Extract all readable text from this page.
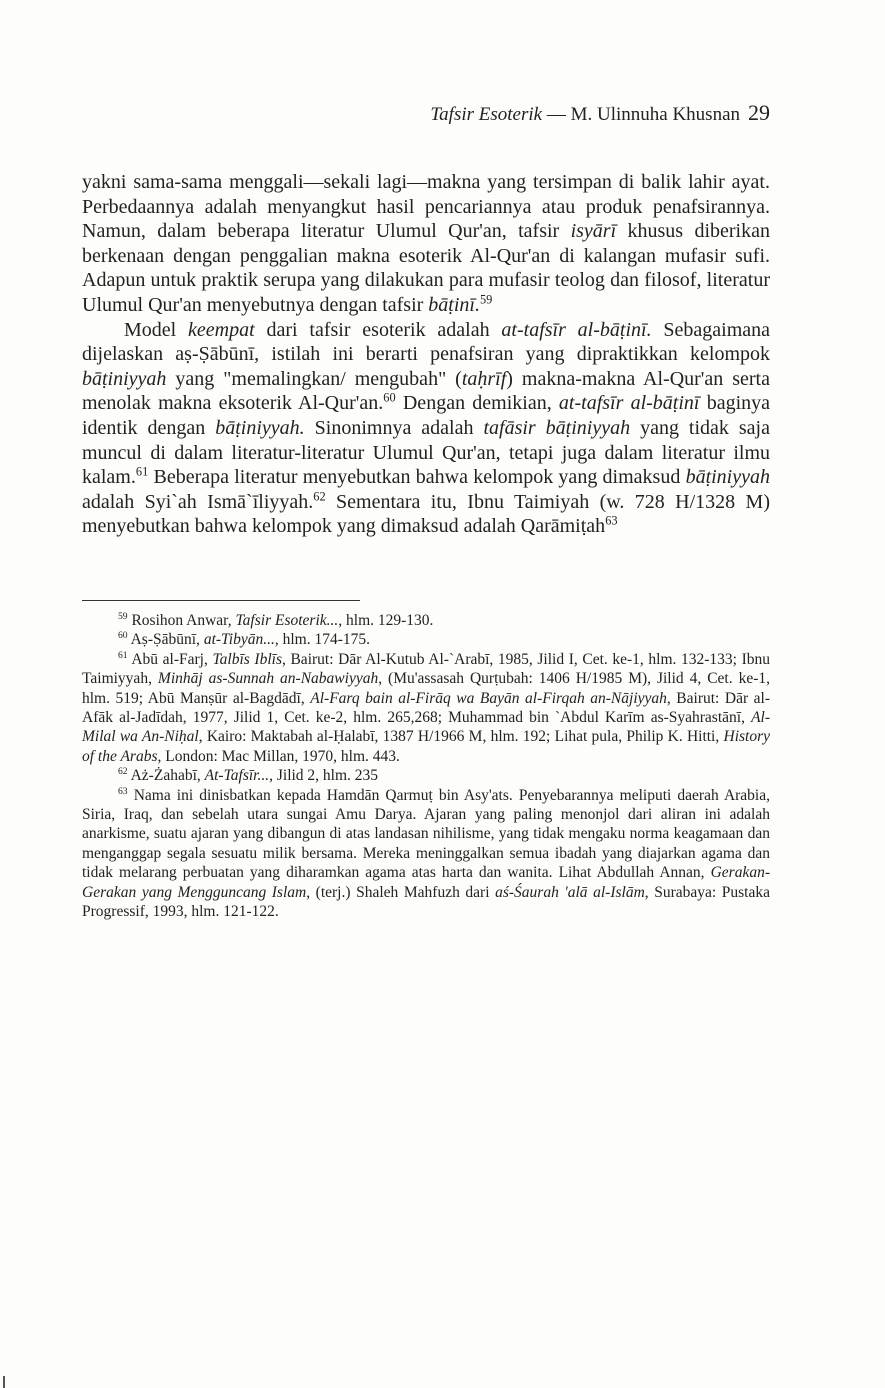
Tafsir Esoterik — M. Ulinnuha Khusnan 29

yakni sama-sama menggali—sekali lagi—makna yang tersimpan di balik lahir ayat. Perbedaannya adalah menyangkut hasil pencariannya atau produk penafsirannya. Namun, dalam beberapa literatur Ulumul Qur'an, tafsir isyārī khusus diberikan berkenaan dengan penggalian makna esoterik Al-Qur'an di kalangan mufasir sufi. Adapun untuk praktik serupa yang dilakukan para mufasir teolog dan filosof, literatur Ulumul Qur'an menyebutnya dengan tafsir bāṭinī.$^{59}$

Model keempat dari tafsir esoterik adalah at-tafsīr al-bāṭinī. Sebagaimana dijelaskan aṣ-Ṣābūnī, istilah ini berarti penafsiran yang dipraktikkan kelompok bāṭiniyyah yang "memalingkan/ mengubah" (taḥrīf) makna-makna Al-Qur'an serta menolak makna eksoterik Al-Qur'an.$^{60}$ Dengan demikian, at-tafsīr al-bāṭinī baginya identik dengan bāṭiniyyah. Sinonimnya adalah tafāsir bāṭiniyyah yang tidak saja muncul di dalam literatur-literatur Ulumul Qur'an, tetapi juga dalam literatur ilmu kalam.$^{61}$ Beberapa literatur menyebutkan bahwa kelompok yang dimaksud bāṭiniyyah adalah Syi`ah Ismā`īliyyah.$^{62}$ Sementara itu, Ibnu Taimiyah (w. 728 H/1328 M) menyebutkan bahwa kelompok yang dimaksud adalah Qarāmiṭah$^{63}$

$^{59}$ Rosihon Anwar, Tafsir Esoterik..., hlm. 129-130.

$^{60}$ Aṣ-Ṣābūnī, at-Tibyān..., hlm. 174-175.

$^{61}$ Abū al-Farj, Talbīs Iblīs, Bairut: Dār Al-Kutub Al-`Arabī, 1985, Jilid I, Cet. ke-1, hlm. 132-133; Ibnu Taimiyyah, Minhāj as-Sunnah an-Nabawiyyah, (Mu'assasah Qurṭubah: 1406 H/1985 M), Jilid 4, Cet. ke-1, hlm. 519; Abū Manṣūr al-Bagdādī, Al-Farq bain al-Firāq wa Bayān al-Firqah an-Nājiyyah, Bairut: Dār al-Afāk al-Jadīdah, 1977, Jilid 1, Cet. ke-2, hlm. 265,268; Muhammad bin `Abdul Karīm as-Syahrastānī, Al-Milal wa An-Niḥal, Kairo: Maktabah al-Ḥalabī, 1387 H/1966 M, hlm. 192; Lihat pula, Philip K. Hitti, History of the Arabs, London: Mac Millan, 1970, hlm. 443.

$^{62}$ Aż-Żahabī, At-Tafsīr..., Jilid 2, hlm. 235

$^{63}$ Nama ini dinisbatkan kepada Hamdān Qarmuṭ bin Asy'ats. Penyebarannya meliputi daerah Arabia, Siria, Iraq, dan sebelah utara sungai Amu Darya. Ajaran yang paling menonjol dari aliran ini adalah anarkisme, suatu ajaran yang dibangun di atas landasan nihilisme, yang tidak mengaku norma keagamaan dan menganggap segala sesuatu milik bersama. Mereka meninggalkan semua ibadah yang diajarkan agama dan tidak melarang perbuatan yang diharamkan agama atas harta dan wanita. Lihat Abdullah Annan, Gerakan-Gerakan yang Mengguncang Islam, (terj.) Shaleh Mahfuzh dari aś-Śaurah 'alā al-Islām, Surabaya: Pustaka Progressif, 1993, hlm. 121-122.
